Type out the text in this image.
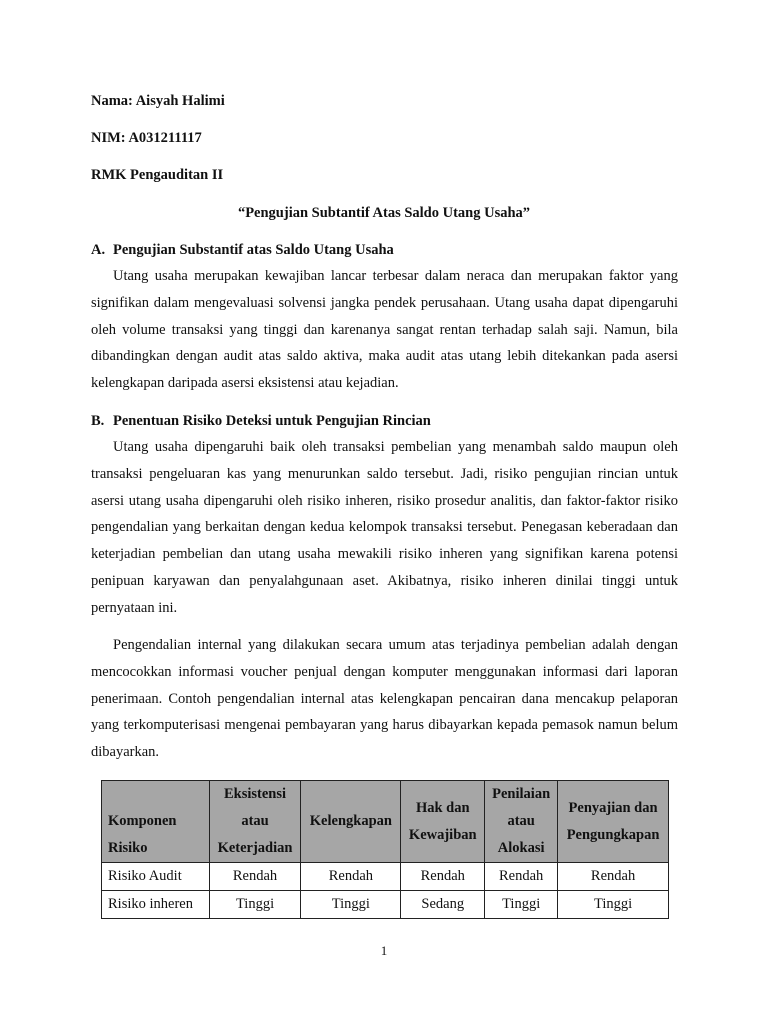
Nama: Aisyah Halimi
NIM: A031211117
RMK Pengauditan II
“Pengujian Subtantif Atas Saldo Utang Usaha”
A. Pengujian Substantif atas Saldo Utang Usaha

Utang usaha merupakan kewajiban lancar terbesar dalam neraca dan merupakan faktor yang signifikan dalam mengevaluasi solvensi jangka pendek perusahaan. Utang usaha dapat dipengaruhi oleh volume transaksi yang tinggi dan karenanya sangat rentan terhadap salah saji. Namun, bila dibandingkan dengan audit atas saldo aktiva, maka audit atas utang lebih ditekankan pada asersi kelengkapan daripada asersi eksistensi atau kejadian.

B. Penentuan Risiko Deteksi untuk Pengujian Rincian

Utang usaha dipengaruhi baik oleh transaksi pembelian yang menambah saldo maupun oleh transaksi pengeluaran kas yang menurunkan saldo tersebut. Jadi, risiko pengujian rincian untuk asersi utang usaha dipengaruhi oleh risiko inheren, risiko prosedur analitis, dan faktor-faktor risiko pengendalian yang berkaitan dengan kedua kelompok transaksi tersebut. Penegasan keberadaan dan keterjadian pembelian dan utang usaha mewakili risiko inheren yang signifikan karena potensi penipuan karyawan dan penyalahgunaan aset. Akibatnya, risiko inheren dinilai tinggi untuk pernyataan ini.

Pengendalian internal yang dilakukan secara umum atas terjadinya pembelian adalah dengan mencocokkan informasi voucher penjual dengan komputer menggunakan informasi dari laporan penerimaan. Contoh pengendalian internal atas kelengkapan pencairan dana mencakup pelaporan yang terkomputerisasi mengenai pembayaran yang harus dibayarkan kepada pemasok namun belum dibayarkan.

Komponen Risiko	Eksistensi atau Keterjadian	Kelengkapan	Hak dan Kewajiban	Penilaian atau Alokasi	Penyajian dan Pengungkapan
Risiko Audit	Rendah	Rendah	Rendah	Rendah	Rendah
Risiko inheren	Tinggi	Tinggi	Sedang	Tinggi	Tinggi
1
